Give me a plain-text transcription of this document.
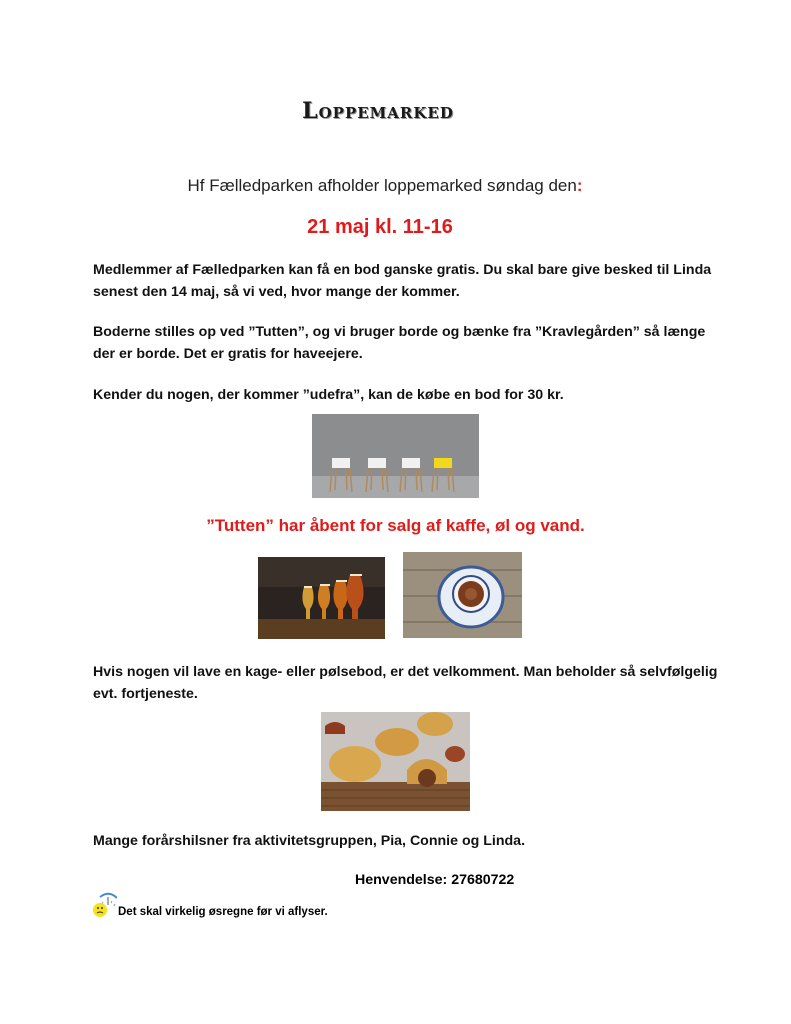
Loppemarked
Hf Fælledparken afholder loppemarked søndag den:
21 maj kl. 11-16
Medlemmer af Fælledparken kan få en bod ganske gratis. Du skal bare give besked til Linda senest den 14 maj, så vi ved, hvor mange der kommer.
Boderne stilles op ved ”Tutten”, og vi bruger borde og bænke fra ”Kravlegården” så længe der er borde. Det er gratis for haveejere.
Kender du nogen, der kommer ”udefra”, kan de købe en bod for 30 kr.
”Tutten” har åbent for salg af kaffe, øl og vand.
Hvis nogen vil lave en kage- eller pølsebod, er det velkomment. Man beholder så selvfølgelig evt. fortjeneste.
Mange forårshilsner fra aktivitetsgruppen, Pia, Connie og Linda.
Henvendelse: 27680722
Det skal virkelig øsregne før vi aflyser.
